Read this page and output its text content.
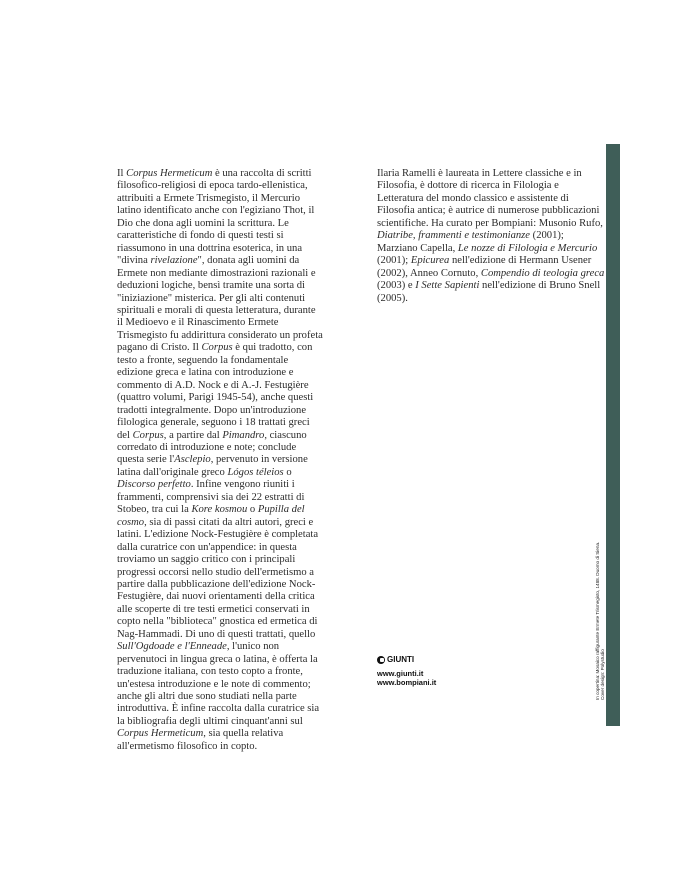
Il Corpus Hermeticum è una raccolta di scritti filosofico-religiosi di epoca tardo-ellenistica, attribuiti a Ermete Trismegisto, il Mercurio latino identificato anche con l'egiziano Thot, il Dio che dona agli uomini la scrittura. Le caratteristiche di fondo di questi testi si riassumono in una dottrina esoterica, in una "divina rivelazione", donata agli uomini da Ermete non mediante dimostrazioni razionali e deduzioni logiche, bensì tramite una sorta di "iniziazione" misterica. Per gli alti contenuti spirituali e morali di questa letteratura, durante il Medioevo e il Rinascimento Ermete Trismegisto fu addirittura considerato un profeta pagano di Cristo. Il Corpus è qui tradotto, con testo a fronte, seguendo la fondamentale edizione greca e latina con introduzione e commento di A.D. Nock e di A.-J. Festugière (quattro volumi, Parigi 1945-54), anche questi tradotti integralmente. Dopo un'introduzione filologica generale, seguono i 18 trattati greci del Corpus, a partire dal Pimandro, ciascuno corredato di introduzione e note; conclude questa serie l'Asclepio, pervenuto in versione latina dall'originale greco Lógos téleios o Discorso perfetto. Infine vengono riuniti i frammenti, comprensivi sia dei 22 estratti di Stobeo, tra cui la Kore kosmou o Pupilla del cosmo, sia di passi citati da altri autori, greci e latini. L'edizione Nock-Festugière è completata dalla curatrice con un'appendice: in questa troviamo un saggio critico con i principali progressi occorsi nello studio dell'ermetismo a partire dalla pubblicazione dell'edizione Nock-Festugière, dai nuovi orientamenti della critica alle scoperte di tre testi ermetici conservati in copto nella "biblioteca" gnostica ed ermetica di Nag-Hammadi. Di uno di questi trattati, quello Sull'Ogdoade e l'Enneade, l'unico non pervenutoci in lingua greca o latina, è offerta la traduzione italiana, con testo copto a fronte, un'estesa introduzione e le note di commento; anche gli altri due sono studiati nella parte introduttiva. È infine raccolta dalla curatrice sia la bibliografia degli ultimi cinquant'anni sul Corpus Hermeticum, sia quella relativa all'ermetismo filosofico in copto.

Ilaria Ramelli è laureata in Lettere classiche e in Filosofia, è dottore di ricerca in Filologia e Letteratura del mondo classico e assistente di Filosofia antica; è autrice di numerose pubblicazioni scientifiche. Ha curato per Bompiani: Musonio Rufo, Diatribe, frammenti e testimonianze (2001); Marziano Capella, Le nozze di Filologia e Mercurio (2001); Epicurea nell'edizione di Hermann Usener (2002), Anneo Cornuto, Compendio di teologia greca (2003) e I Sette Sapienti nell'edizione di Bruno Snell (2005).

GIUNTI
www.giunti.it
www.bompiani.it	In copertina: Mosaico raffigurante Ermete Trismegisto, 1488. Duomo di Siena. Cover design: Polystudio
